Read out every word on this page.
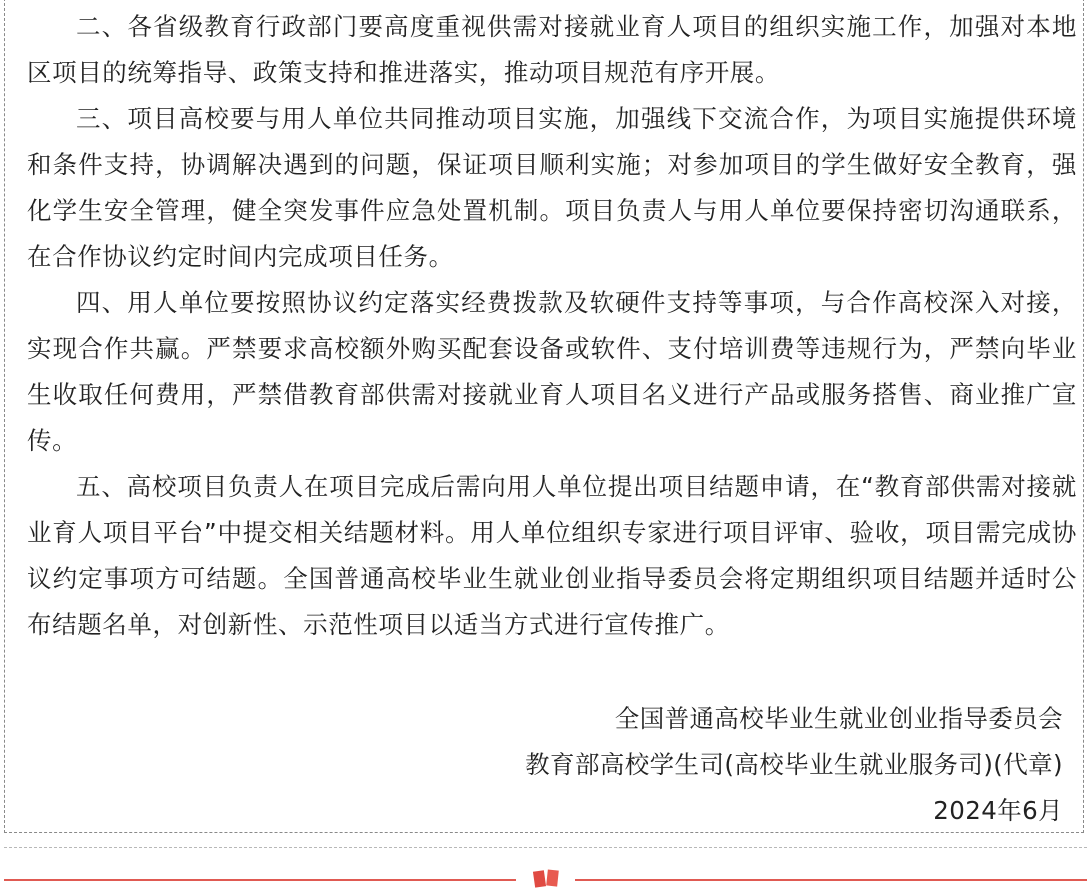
二、各省级教育行政部门要高度重视供需对接就业育人项目的组织实施工作，加强对本地区项目的统筹指导、政策支持和推进落实，推动项目规范有序开展。

三、项目高校要与用人单位共同推动项目实施，加强线下交流合作，为项目实施提供环境和条件支持，协调解决遇到的问题，保证项目顺利实施；对参加项目的学生做好安全教育，强化学生安全管理，健全突发事件应急处置机制。项目负责人与用人单位要保持密切沟通联系，在合作协议约定时间内完成项目任务。

四、用人单位要按照协议约定落实经费拨款及软硬件支持等事项，与合作高校深入对接，实现合作共赢。严禁要求高校额外购买配套设备或软件、支付培训费等违规行为，严禁向毕业生收取任何费用，严禁借教育部供需对接就业育人项目名义进行产品或服务搭售、商业推广宣传。

五、高校项目负责人在项目完成后需向用人单位提出项目结题申请，在“教育部供需对接就业育人项目平台”中提交相关结题材料。用人单位组织专家进行项目评审、验收，项目需完成协议约定事项方可结题。全国普通高校毕业生就业创业指导委员会将定期组织项目结题并适时公布结题名单，对创新性、示范性项目以适当方式进行宣传推广。

全国普通高校毕业生就业创业指导委员会
教育部高校学生司(高校毕业生就业服务司)(代章)
2024年6月
